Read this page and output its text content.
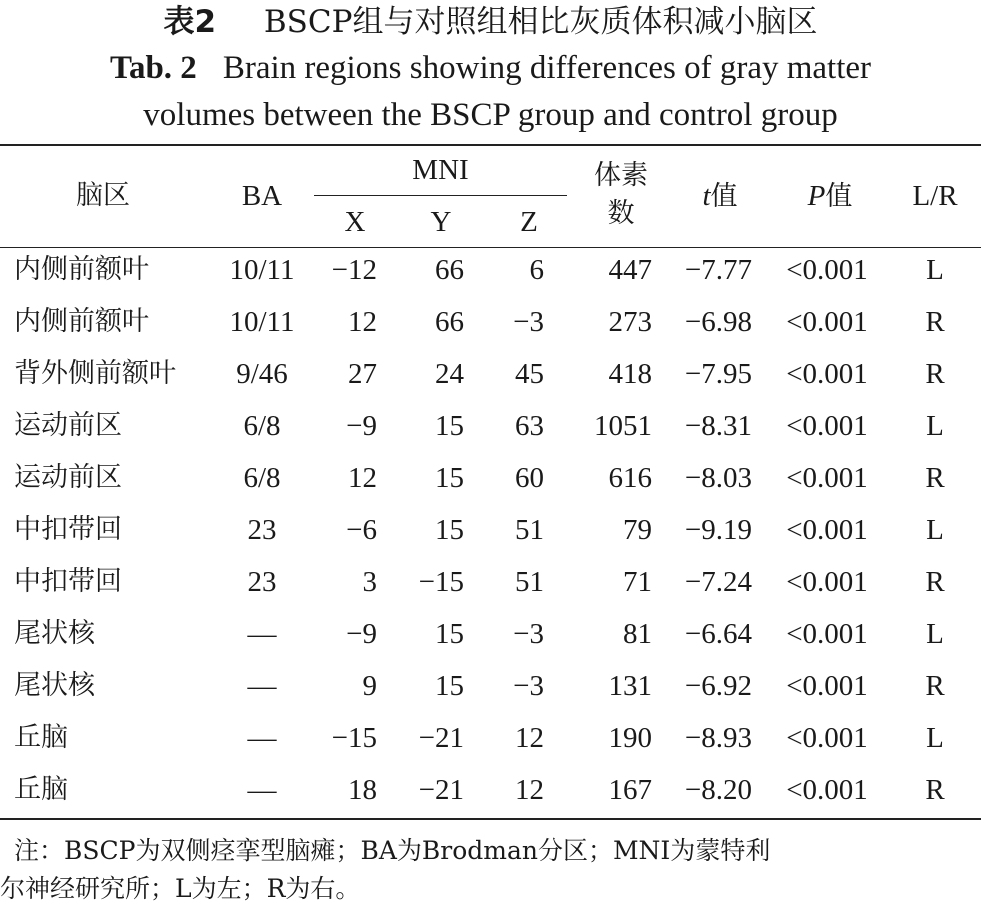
表2 BSCP组与对照组相比灰质体积减小脑区
Tab. 2 Brain regions showing differences of gray matter
volumes between the BSCP group and control group
脑区	BA
MNI
X	Y	Z
体素
数
t值	P值	L/R
内侧前额叶	10/11	−12	66	6	447	−7.77	<0.001	L
内侧前额叶	10/11	12	66	−3	273	−6.98	<0.001	R
背外侧前额叶	9/46	27	24	45	418	−7.95	<0.001	R
运动前区	6/8	−9	15	63	1051	−8.31	<0.001	L
运动前区	6/8	12	15	60	616	−8.03	<0.001	R
中扣带回	23	−6	15	51	79	−9.19	<0.001	L
中扣带回	23	3	−15	51	71	−7.24	<0.001	R
尾状核	—	−9	15	−3	81	−6.64	<0.001	L
尾状核	—	9	15	−3	131	−6.92	<0.001	R
丘脑	—	−15	−21	12	190	−8.93	<0.001	L
丘脑	—	18	−21	12	167	−8.20	<0.001	R
注：BSCP为双侧痉挛型脑瘫；BA为Brodman分区；MNI为蒙特利
尔神经研究所；L为左；R为右。
